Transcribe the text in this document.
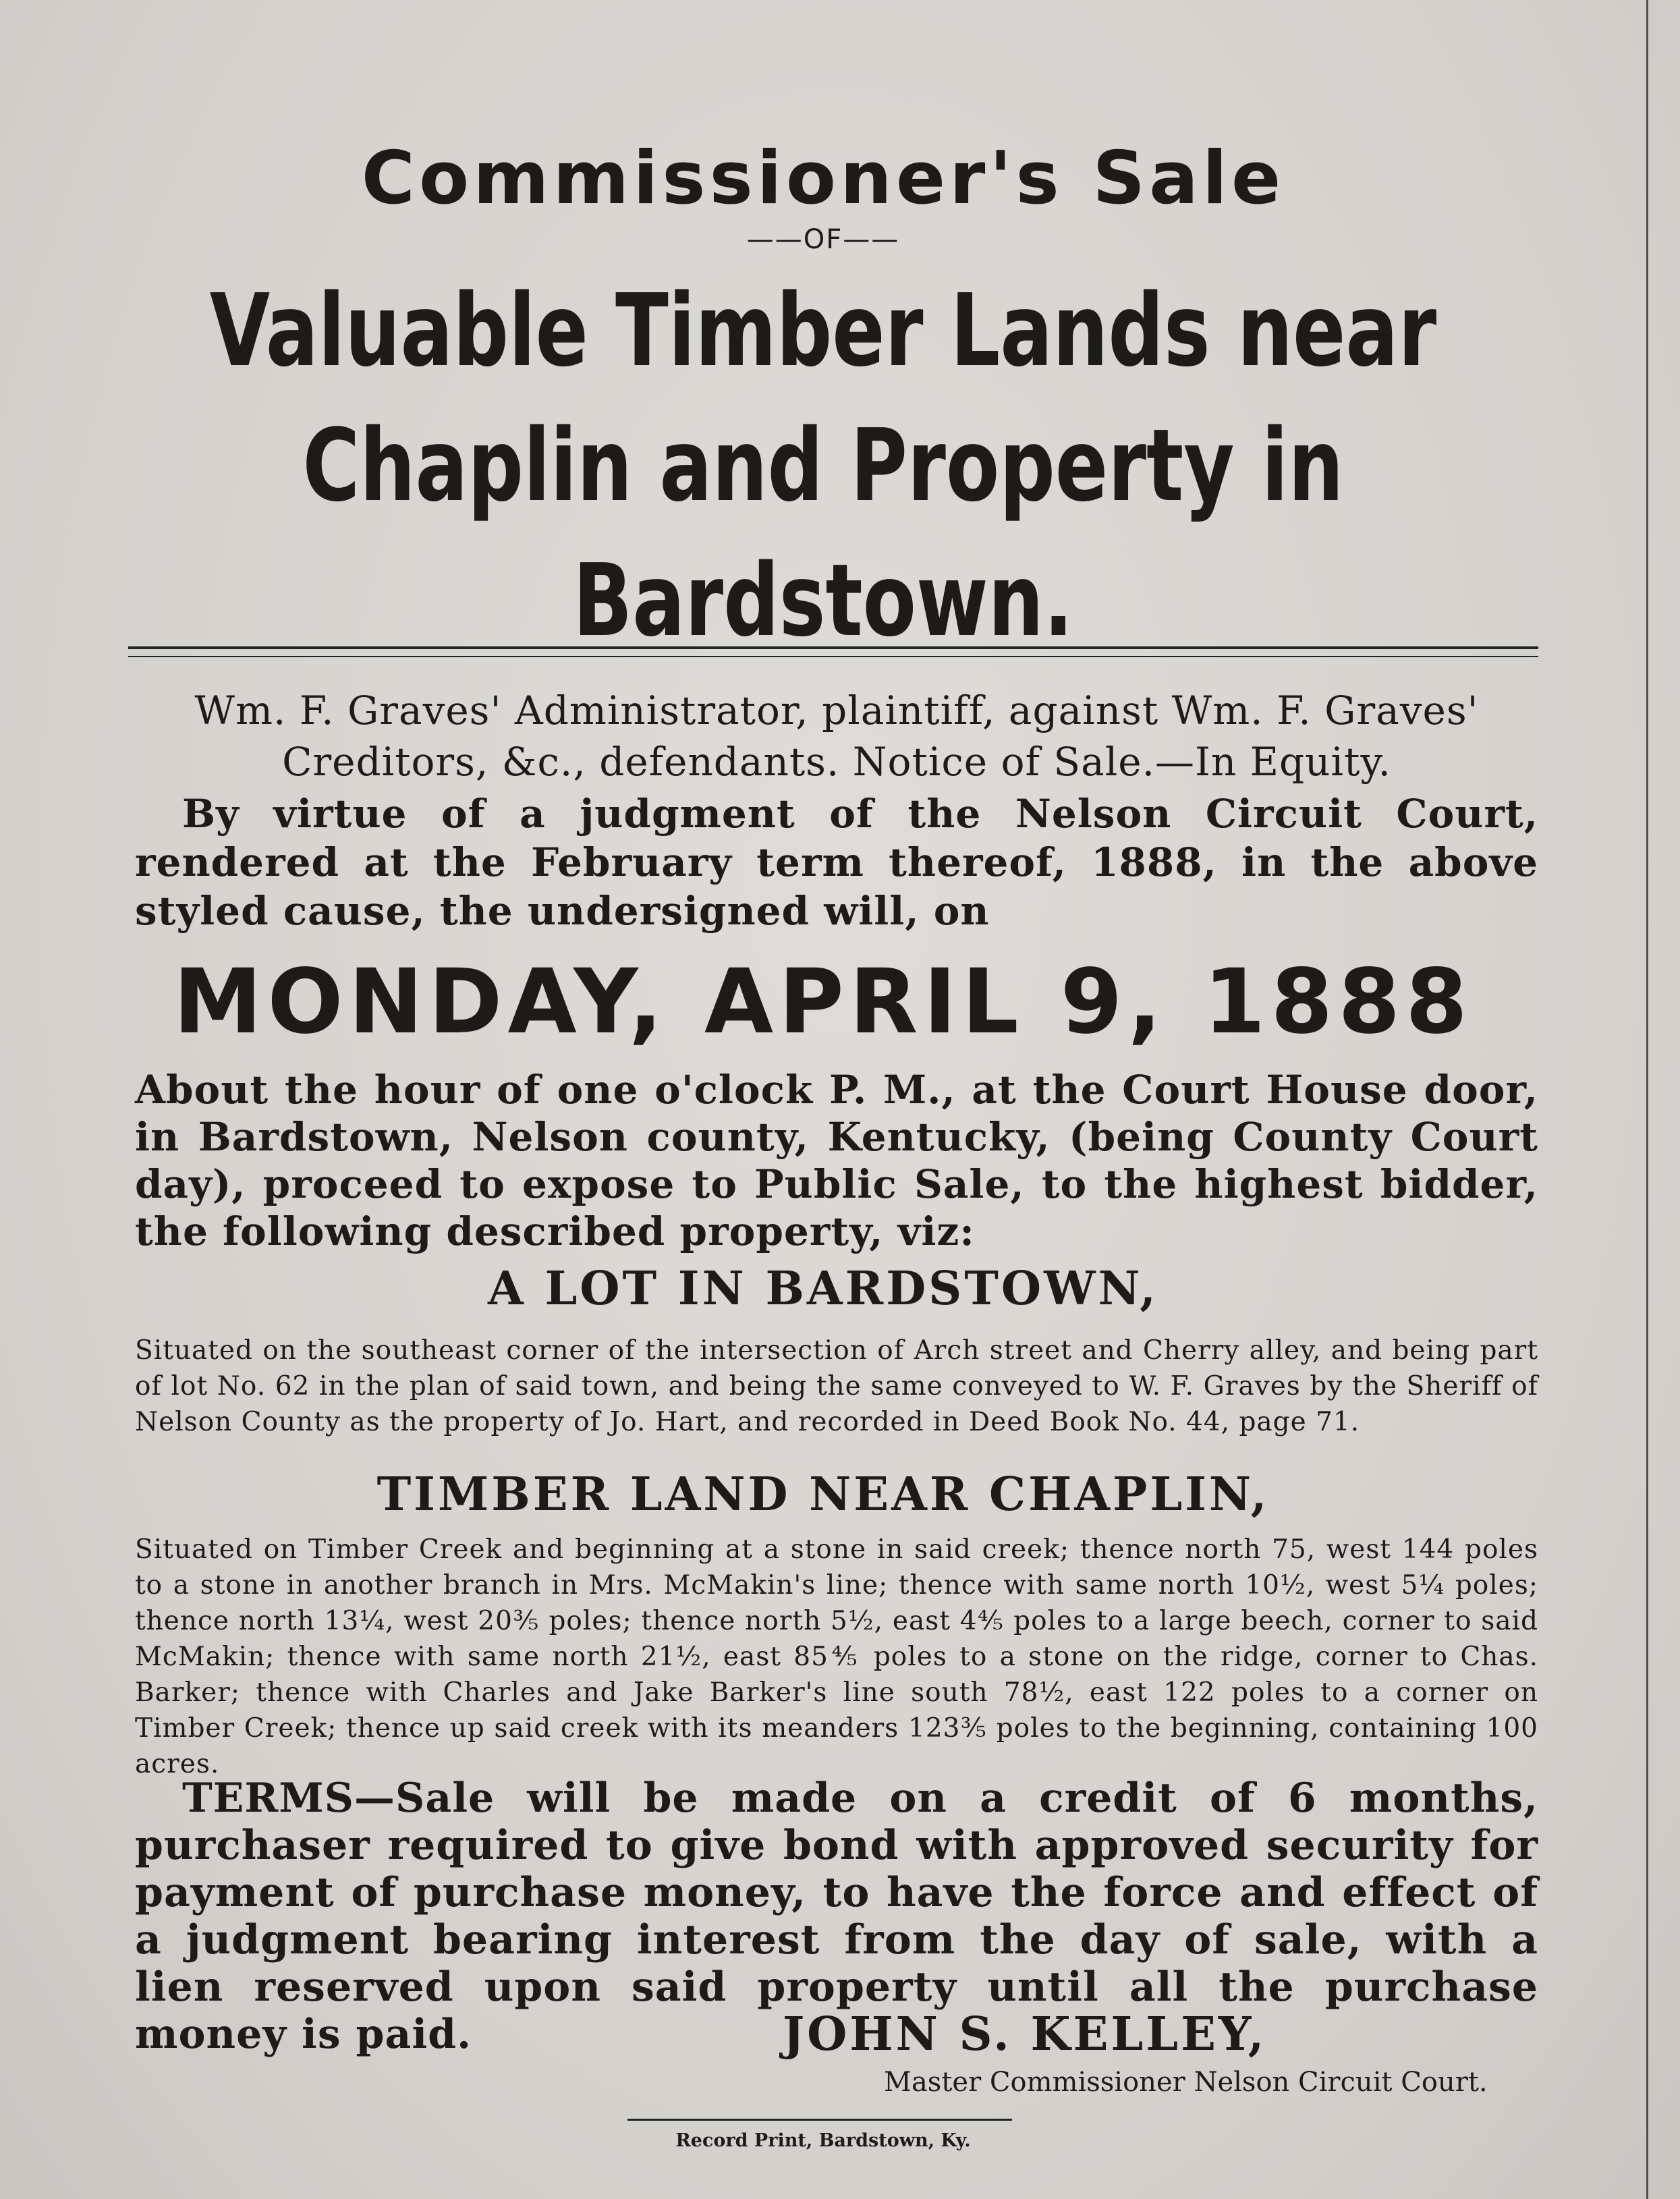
Commissioner's Sale
——OF——
Valuable Timber Lands near
Chaplin and Property in
Bardstown.
Wm. F. Graves' Administrator, plaintiff, against Wm. F. Graves' Creditors, &c., defendants. Notice of Sale.—In Equity.
By virtue of a judgment of the Nelson Circuit Court, rendered at the February term thereof, 1888, in the above styled cause, the undersigned will, on
MONDAY, APRIL 9, 1888
About the hour of one o'clock P. M., at the Court House door, in Bardstown, Nelson county, Kentucky, (being County Court day), proceed to expose to Public Sale, to the highest bidder, the following described property, viz:
A LOT IN BARDSTOWN,
Situated on the southeast corner of the intersection of Arch street and Cherry alley, and being part of lot No. 62 in the plan of said town, and being the same conveyed to W. F. Graves by the Sheriff of Nelson County as the property of Jo. Hart, and recorded in Deed Book No. 44, page 71.
TIMBER LAND NEAR CHAPLIN,
Situated on Timber Creek and beginning at a stone in said creek; thence north 75, west 144 poles to a stone in another branch in Mrs. McMakin's line; thence with same north 10½, west 5¼ poles; thence north 13¼, west 20⅗ poles; thence north 5½, east 4⅘ poles to a large beech, corner to said McMakin; thence with same north 21½, east 85⅘ poles to a stone on the ridge, corner to Chas. Barker; thence with Charles and Jake Barker's line south 78½, east 122 poles to a corner on Timber Creek; thence up said creek with its meanders 123⅗ poles to the beginning, containing 100 acres.
TERMS—Sale will be made on a credit of 6 months, purchaser required to give bond with approved security for payment of purchase money, to have the force and effect of a judgment bearing interest from the day of sale, with a lien reserved upon said property until all the purchase money is paid.	JOHN S. KELLEY,
Master Commissioner Nelson Circuit Court.
Record Print, Bardstown, Ky.
